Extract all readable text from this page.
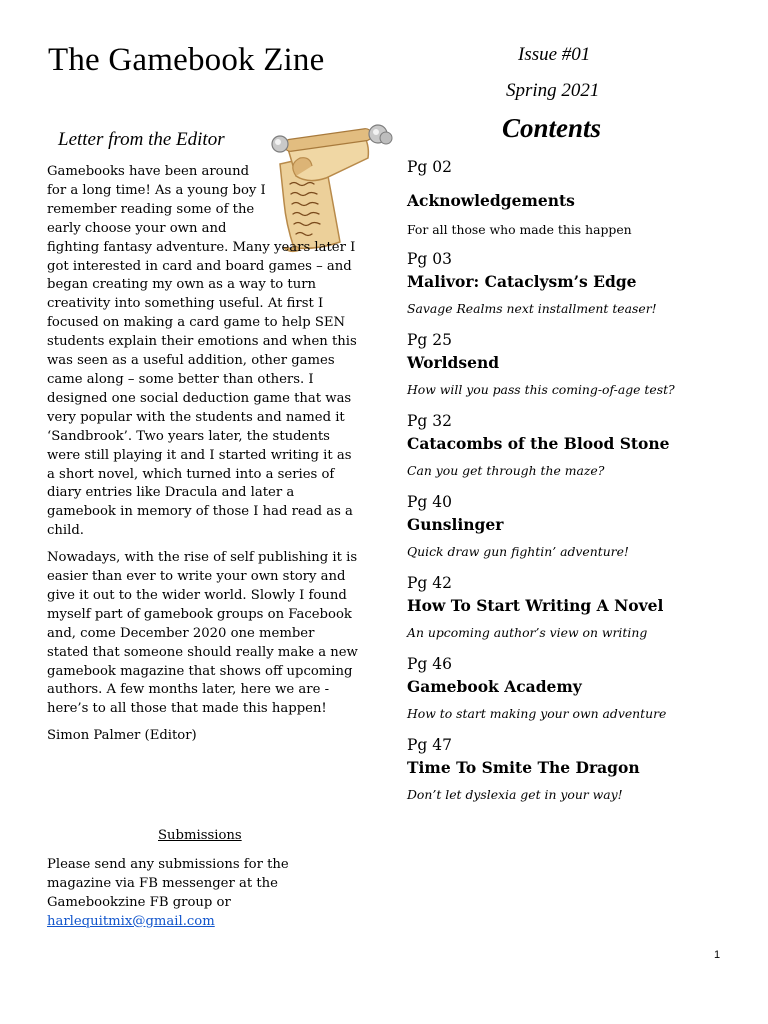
The Gamebook Zine	Issue #01
Spring 2021
Contents
Letter from the Editor

Gamebooks have been around for a long time! As a young boy I remember reading some of the early choose your own and fighting fantasy adventure. Many years later I got interested in card and board games – and began creating my own as a way to turn creativity into something useful. At first I focused on making a card game to help SEN students explain their emotions and when this was seen as a useful addition, other games came along – some better than others. I designed one social deduction game that was very popular with the students and named it ‘Sandbrook’. Two years later, the students were still playing it and I started writing it as a short novel, which turned into a series of diary entries like Dracula and later a gamebook in memory of those I had read as a child.

Nowadays, with the rise of self publishing it is easier than ever to write your own story and give it out to the wider world. Slowly I found myself part of gamebook groups on Facebook and, come December 2020 one member stated that someone should really make a new gamebook magazine that shows off upcoming authors. A few months later, here we are - here’s to all those that made this happen!

Simon Palmer (Editor)

Submissions
Please send any submissions for the magazine via FB messenger at the Gamebookzine FB group or harlequitmix@gmail.com
Pg 02
Acknowledgements
For all those who made this happen
Pg 03
Malivor: Cataclysm’s Edge
Savage Realms next installment teaser!
Pg 25
Worldsend
How will you pass this coming-of-age test?
Pg 32
Catacombs of the Blood Stone
Can you get through the maze?
Pg 40
Gunslinger
Quick draw gun fightin’ adventure!
Pg 42
How To Start Writing A Novel
An upcoming author’s view on writing
Pg 46
Gamebook Academy
How to start making your own adventure
Pg 47
Time To Smite The Dragon
Don’t let dyslexia get in your way!
1
